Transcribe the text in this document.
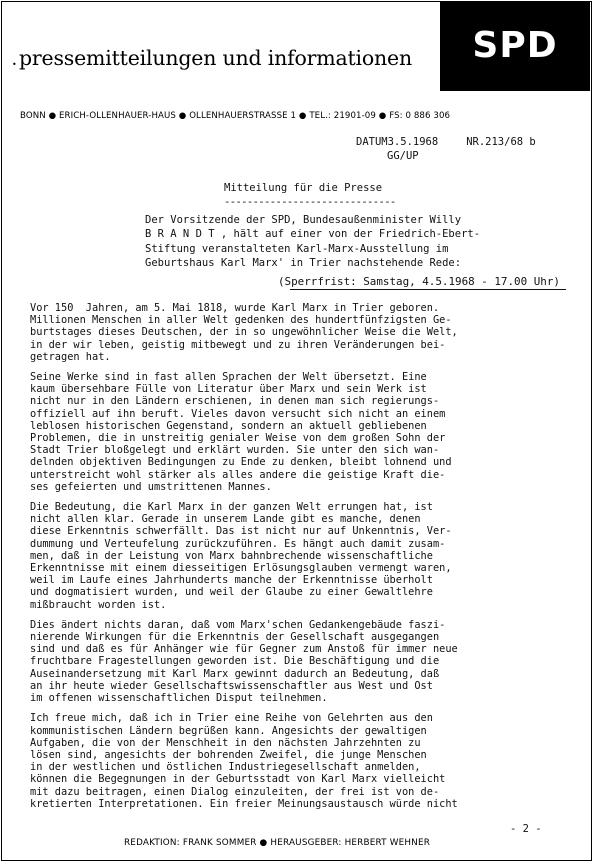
• pressemitteilungen und informationen	SPD
BONN ● ERICH-OLLENHAUER-HAUS ● OLLENHAUERSTRASSE 1 ● TEL.: 21901-09 ● FS: 0 886 306
DATUM3.5.1968	NR.213/68 b
GG/UP
Mitteilung für die Presse
------------------------------
Der Vorsitzende der SPD, Bundesaußenminister Willy
B R A N D T , hält auf einer von der Friedrich-Ebert-
Stiftung veranstalteten Karl-Marx-Ausstellung im
Geburtshaus Karl Marx' in Trier nachstehende Rede:
(Sperrfrist: Samstag, 4.5.1968 - 17.00 Uhr)
Vor 150  Jahren, am 5. Mai 1818, wurde Karl Marx in Trier geboren.
Millionen Menschen in aller Welt gedenken des hundertfünfzigsten Ge-
burtstages dieses Deutschen, der in so ungewöhnlicher Weise die Welt,
in der wir leben, geistig mitbewegt und zu ihren Veränderungen bei-
getragen hat.
Seine Werke sind in fast allen Sprachen der Welt übersetzt. Eine
kaum übersehbare Fülle von Literatur über Marx und sein Werk ist
nicht nur in den Ländern erschienen, in denen man sich regierungs-
offiziell auf ihn beruft. Vieles davon versucht sich nicht an einem
leblosen historischen Gegenstand, sondern an aktuell gebliebenen
Problemen, die in unstreitig genialer Weise von dem großen Sohn der
Stadt Trier bloßgelegt und erklärt wurden. Sie unter den sich wan-
delnden objektiven Bedingungen zu Ende zu denken, bleibt lohnend und
unterstreicht wohl stärker als alles andere die geistige Kraft die-
ses gefeierten und umstrittenen Mannes.
Die Bedeutung, die Karl Marx in der ganzen Welt errungen hat, ist
nicht allen klar. Gerade in unserem Lande gibt es manche, denen
diese Erkenntnis schwerfällt. Das ist nicht nur auf Unkenntnis, Ver-
dummung und Verteufelung zurückzuführen. Es hängt auch damit zusam-
men, daß in der Leistung von Marx bahnbrechende wissenschaftliche
Erkenntnisse mit einem diesseitigen Erlösungsglauben vermengt waren,
weil im Laufe eines Jahrhunderts manche der Erkenntnisse überholt
und dogmatisiert wurden, und weil der Glaube zu einer Gewaltlehre
mißbraucht worden ist.
Dies ändert nichts daran, daß vom Marx'schen Gedankengebäude faszi-
nierende Wirkungen für die Erkenntnis der Gesellschaft ausgegangen
sind und daß es für Anhänger wie für Gegner zum Anstoß für immer neue
fruchtbare Fragestellungen geworden ist. Die Beschäftigung und die
Auseinandersetzung mit Karl Marx gewinnt dadurch an Bedeutung, daß
an ihr heute wieder Gesellschaftswissenschaftler aus West und Ost
im offenen wissenschaftlichen Disput teilnehmen.
Ich freue mich, daß ich in Trier eine Reihe von Gelehrten aus den
kommunistischen Ländern begrüßen kann. Angesichts der gewaltigen
Aufgaben, die von der Menschheit in den nächsten Jahrzehnten zu
lösen sind, angesichts der bohrenden Zweifel, die junge Menschen
in der westlichen und östlichen Industriegesellschaft anmelden,
können die Begegnungen in der Geburtsstadt von Karl Marx vielleicht
mit dazu beitragen, einen Dialog einzuleiten, der frei ist von de-
kretierten Interpretationen. Ein freier Meinungsaustausch würde nicht
- 2 -
REDAKTION: FRANK SOMMER ● HERAUSGEBER: HERBERT WEHNER
